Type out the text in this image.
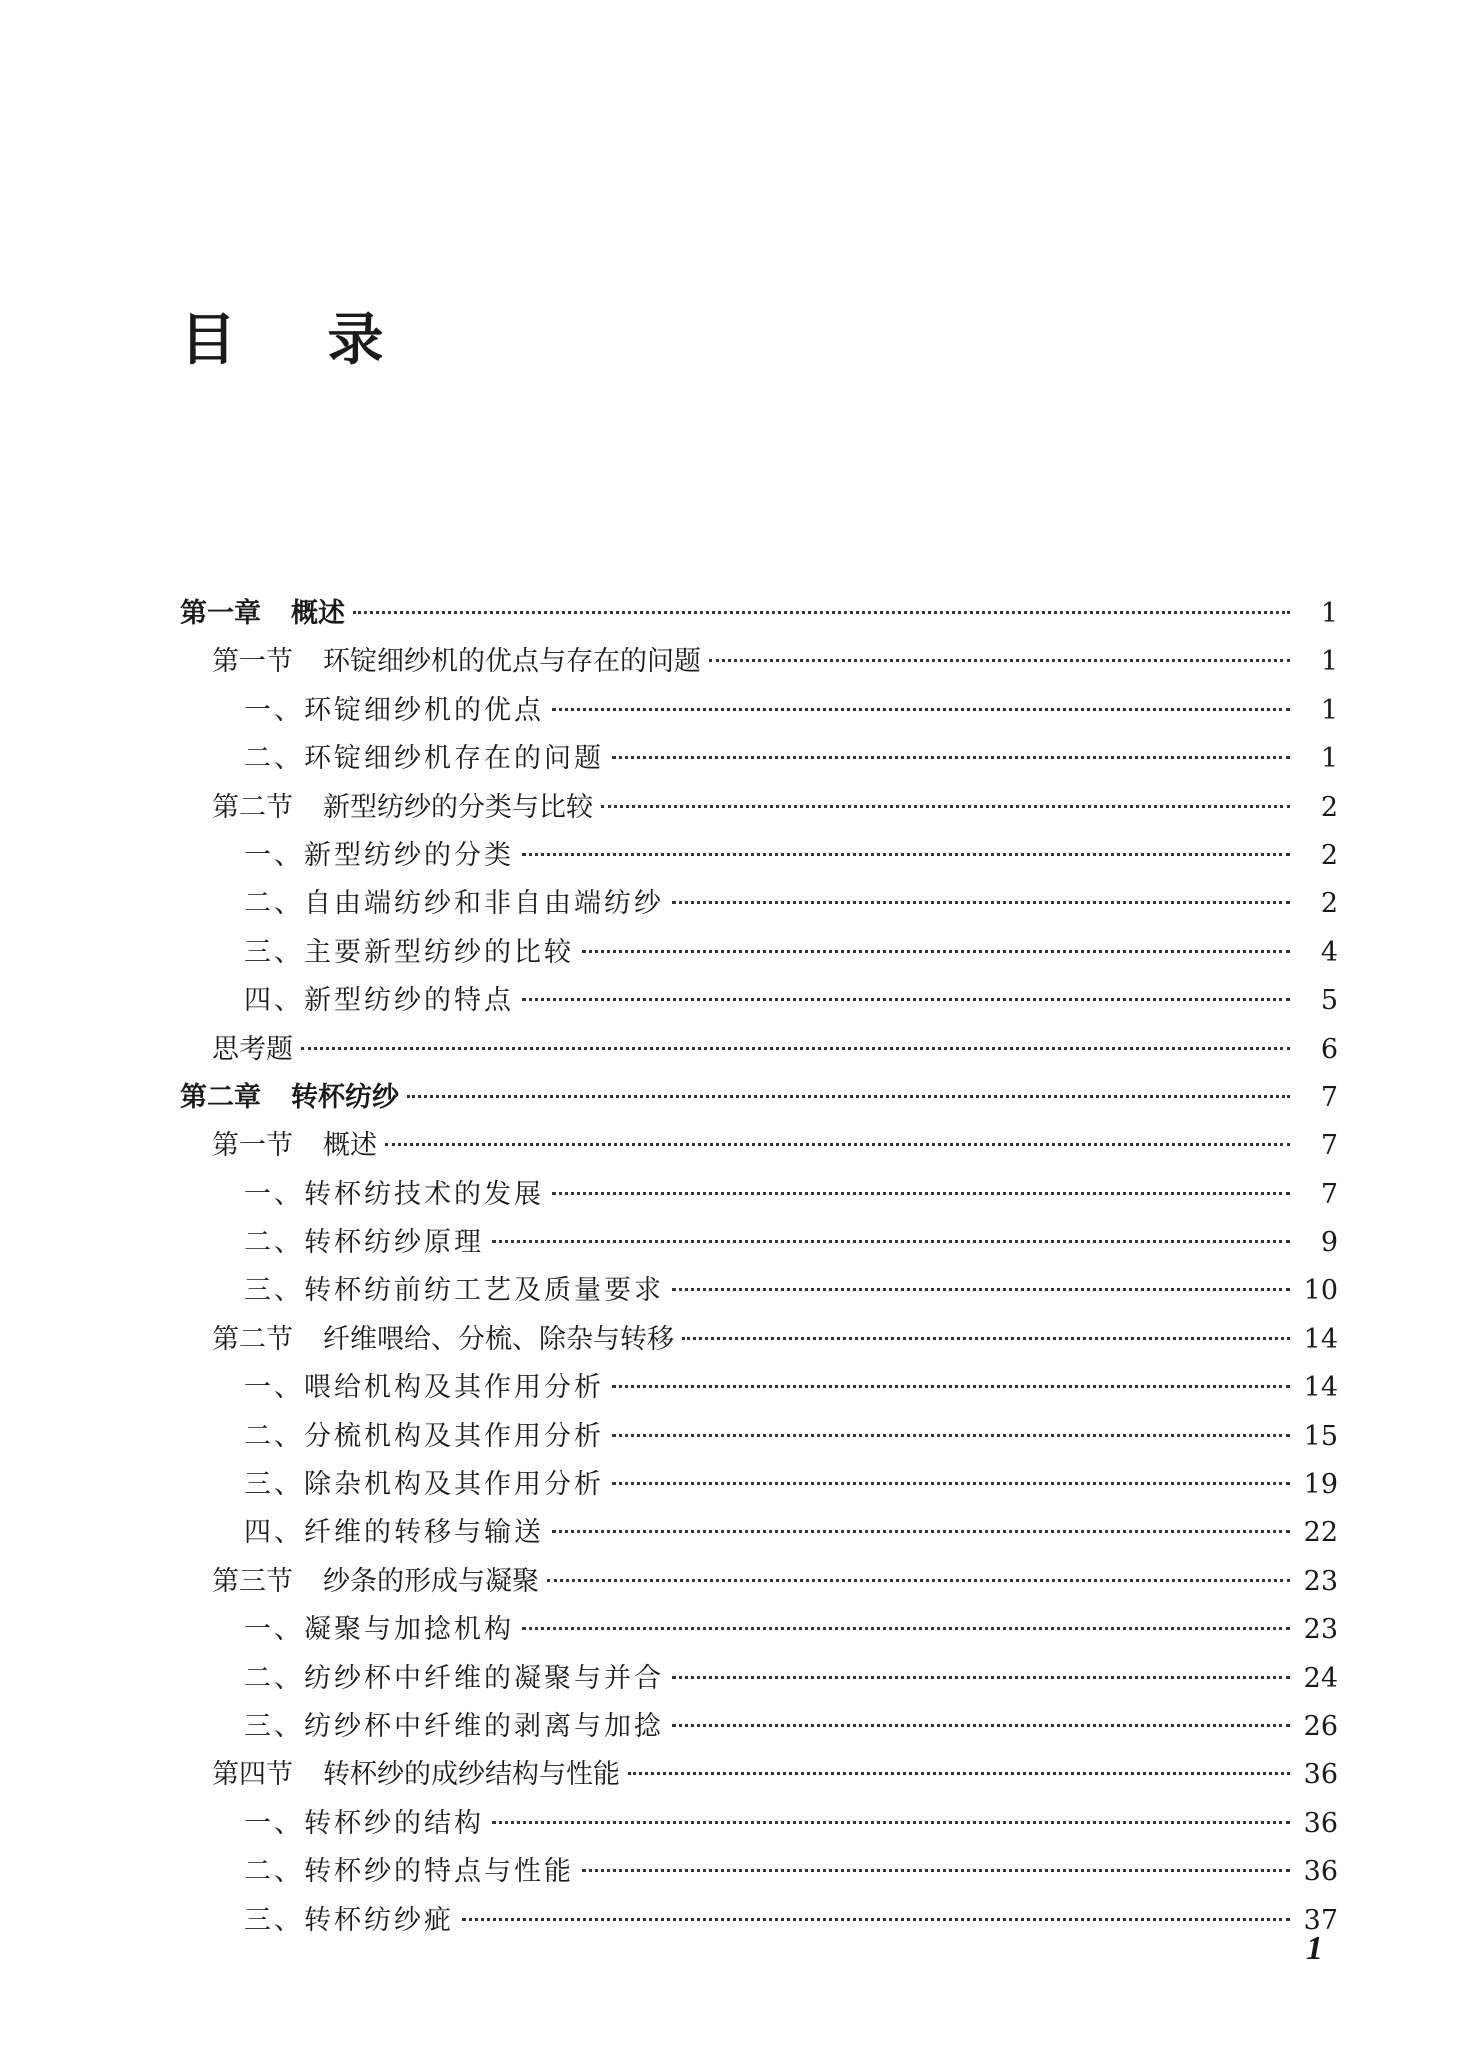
目 录
第一章 概述	1
第一节 环锭细纱机的优点与存在的问题	1
一、环锭细纱机的优点	1
二、环锭细纱机存在的问题	1
第二节 新型纺纱的分类与比较	2
一、新型纺纱的分类	2
二、自由端纺纱和非自由端纺纱	2
三、主要新型纺纱的比较	4
四、新型纺纱的特点	5
思考题	6
第二章 转杯纺纱	7
第一节 概述	7
一、转杯纺技术的发展	7
二、转杯纺纱原理	9
三、转杯纺前纺工艺及质量要求	10
第二节 纤维喂给、分梳、除杂与转移	14
一、喂给机构及其作用分析	14
二、分梳机构及其作用分析	15
三、除杂机构及其作用分析	19
四、纤维的转移与输送	22
第三节 纱条的形成与凝聚	23
一、凝聚与加捻机构	23
二、纺纱杯中纤维的凝聚与并合	24
三、纺纱杯中纤维的剥离与加捻	26
第四节 转杯纱的成纱结构与性能	36
一、转杯纱的结构	36
二、转杯纱的特点与性能	36
三、转杯纺纱疵	37
1
